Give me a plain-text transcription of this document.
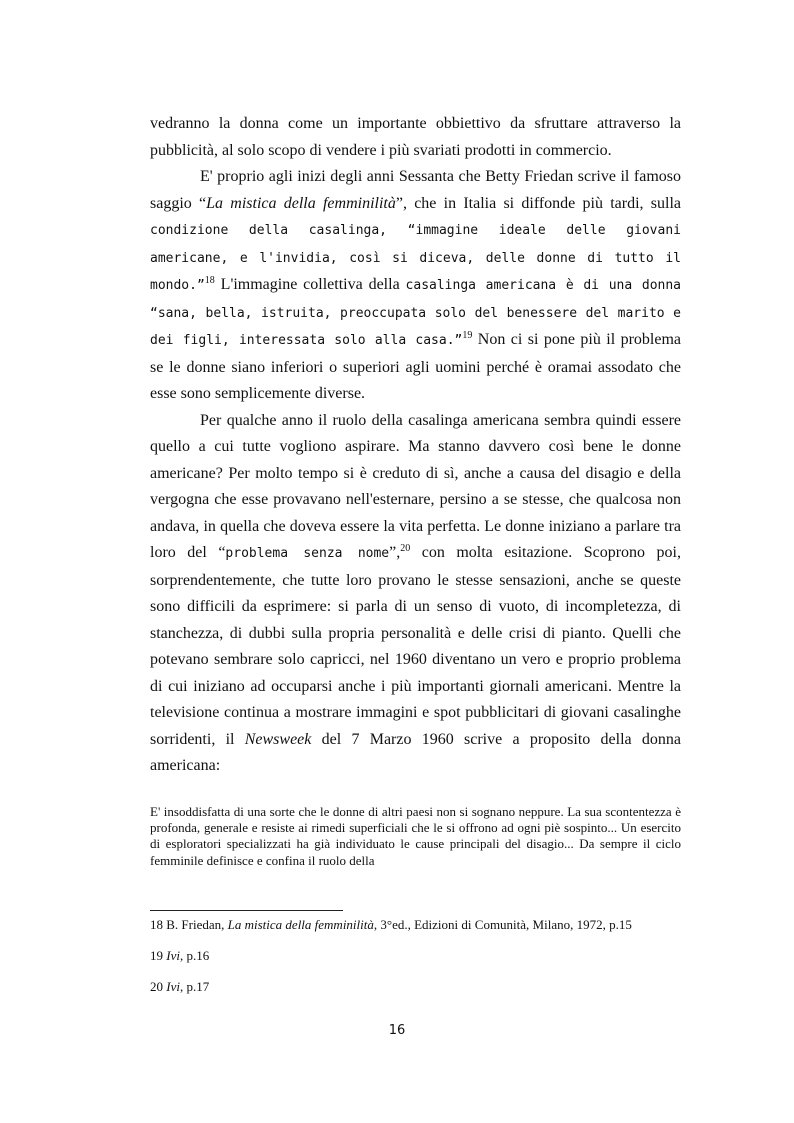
vedranno la donna come un importante obbiettivo da sfruttare attraverso la pubblicità, al solo scopo di vendere i più svariati prodotti in commercio.

E' proprio agli inizi degli anni Sessanta che Betty Friedan scrive il famoso saggio “La mistica della femminilità”, che in Italia si diffonde più tardi, sulla condizione della casalinga, “immagine ideale delle giovani americane, e l'invidia, così si diceva, delle donne di tutto il mondo.”$^{18}$ L'immagine collettiva della casalinga americana è di una donna “sana, bella, istruita, preoccupata solo del benessere del marito e dei figli, interessata solo alla casa.”$^{19}$ Non ci si pone più il problema se le donne siano inferiori o superiori agli uomini perché è oramai assodato che esse sono semplicemente diverse.

Per qualche anno il ruolo della casalinga americana sembra quindi essere quello a cui tutte vogliono aspirare. Ma stanno davvero così bene le donne americane? Per molto tempo si è creduto di sì, anche a causa del disagio e della vergogna che esse provavano nell'esternare, persino a se stesse, che qualcosa non andava, in quella che doveva essere la vita perfetta. Le donne iniziano a parlare tra loro del “problema senza nome”,$^{20}$ con molta esitazione. Scoprono poi, sorprendentemente, che tutte loro provano le stesse sensazioni, anche se queste sono difficili da esprimere: si parla di un senso di vuoto, di incompletezza, di stanchezza, di dubbi sulla propria personalità e delle crisi di pianto. Quelli che potevano sembrare solo capricci, nel 1960 diventano un vero e proprio problema di cui iniziano ad occuparsi anche i più importanti giornali americani. Mentre la televisione continua a mostrare immagini e spot pubblicitari di giovani casalinghe sorridenti, il Newsweek del 7 Marzo 1960 scrive a proposito della donna americana:

E' insoddisfatta di una sorte che le donne di altri paesi non si sognano neppure. La sua scontentezza è profonda, generale e resiste ai rimedi superficiali che le si offrono ad ogni piè sospinto... Un esercito di esploratori specializzati ha già individuato le cause principali del disagio... Da sempre il ciclo femminile definisce e confina il ruolo della

18 B. Friedan, La mistica della femminilità, 3°ed., Edizioni di Comunità, Milano, 1972, p.15

19 Ivi, p.16

20 Ivi, p.17

16
